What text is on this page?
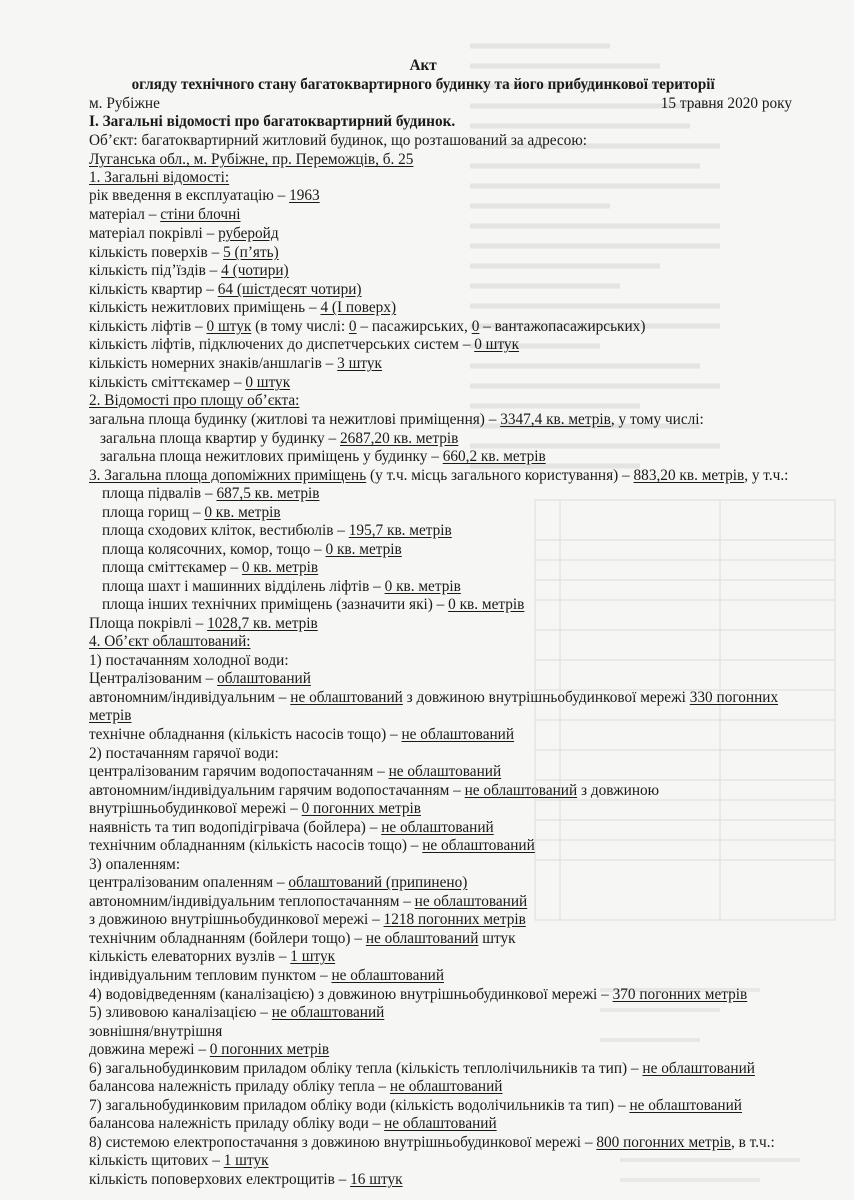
Акт
огляду технічного стану багатоквартирного будинку та його прибудинкової території
м. Рубіжне	15 травня 2020 року
І. Загальні відомості про багатоквартирний будинок.
Об’єкт: багатоквартирний житловий будинок, що розташований за адресою:
Луганська обл., м. Рубіжне, пр. Переможців, б. 25
1. Загальні відомості:
рік введення в експлуатацію – 1963
матеріал – стіни блочні
матеріал покрівлі – руберойд
кількість поверхів – 5 (п’ять)
кількість під’їздів – 4 (чотири)
кількість квартир – 64 (шістдесят чотири)
кількість нежитлових приміщень – 4 (І поверх)
кількість ліфтів – 0 штук (в тому числі: 0 – пасажирських, 0 – вантажопасажирських)
кількість ліфтів, підключених до диспетчерських систем – 0 штук
кількість номерних знаків/аншлагів – 3 штук
кількість сміттєкамер – 0 штук
2. Відомості про площу об’єкта:
загальна площа будинку (житлові та нежитлові приміщення) – 3347,4 кв. метрів, у тому числі:
загальна площа квартир у будинку – 2687,20 кв. метрів
загальна площа нежитлових приміщень у будинку – 660,2 кв. метрів
3. Загальна площа допоміжних приміщень (у т.ч. місць загального користування) – 883,20 кв. метрів, у т.ч.:
площа підвалів – 687,5 кв. метрів
площа горищ – 0 кв. метрів
площа сходових кліток, вестибюлів – 195,7 кв. метрів
площа колясочних, комор, тощо – 0 кв. метрів
площа сміттєкамер – 0 кв. метрів
площа шахт і машинних відділень ліфтів – 0 кв. метрів
площа інших технічних приміщень (зазначити які) – 0 кв. метрів
Площа покрівлі – 1028,7 кв. метрів
4. Об’єкт облаштований:
1) постачанням холодної води:
Централізованим – облаштований
автономним/індивідуальним – не облаштований з довжиною внутрішньобудинкової мережі 330 погонних
метрів
технічне обладнання (кількість насосів тощо) – не облаштований
2) постачанням гарячої води:
централізованим гарячим водопостачанням – не облаштований
автономним/індивідуальним гарячим водопостачанням – не облаштований з довжиною
внутрішньобудинкової мережі – 0 погонних метрів
наявність та тип водопідігрівача (бойлера) – не облаштований
технічним обладнанням (кількість насосів тощо) – не облаштований
3) опаленням:
централізованим опаленням – облаштований (припинено)
автономним/індивідуальним теплопостачанням – не облаштований
з довжиною внутрішньобудинкової мережі – 1218 погонних метрів
технічним обладнанням (бойлери тощо) – не облаштований штук
кількість елеваторних вузлів – 1 штук
індивідуальним тепловим пунктом – не облаштований
4) водовідведенням (каналізацією) з довжиною внутрішньобудинкової мережі – 370 погонних метрів
5) зливовою каналізацією – не облаштований
зовнішня/внутрішня
довжина мережі – 0 погонних метрів
6) загальнобудинковим приладом обліку тепла (кількість теплолічильників та тип) – не облаштований
балансова належність приладу обліку тепла – не облаштований
7) загальнобудинковим приладом обліку води (кількість водолічильників та тип) – не облаштований
балансова належність приладу обліку води – не облаштований
8) системою електропостачання з довжиною внутрішньобудинкової мережі – 800 погонних метрів, в т.ч.:
кількість щитових – 1 штук
кількість поповерхових електрощитів – 16 штук
